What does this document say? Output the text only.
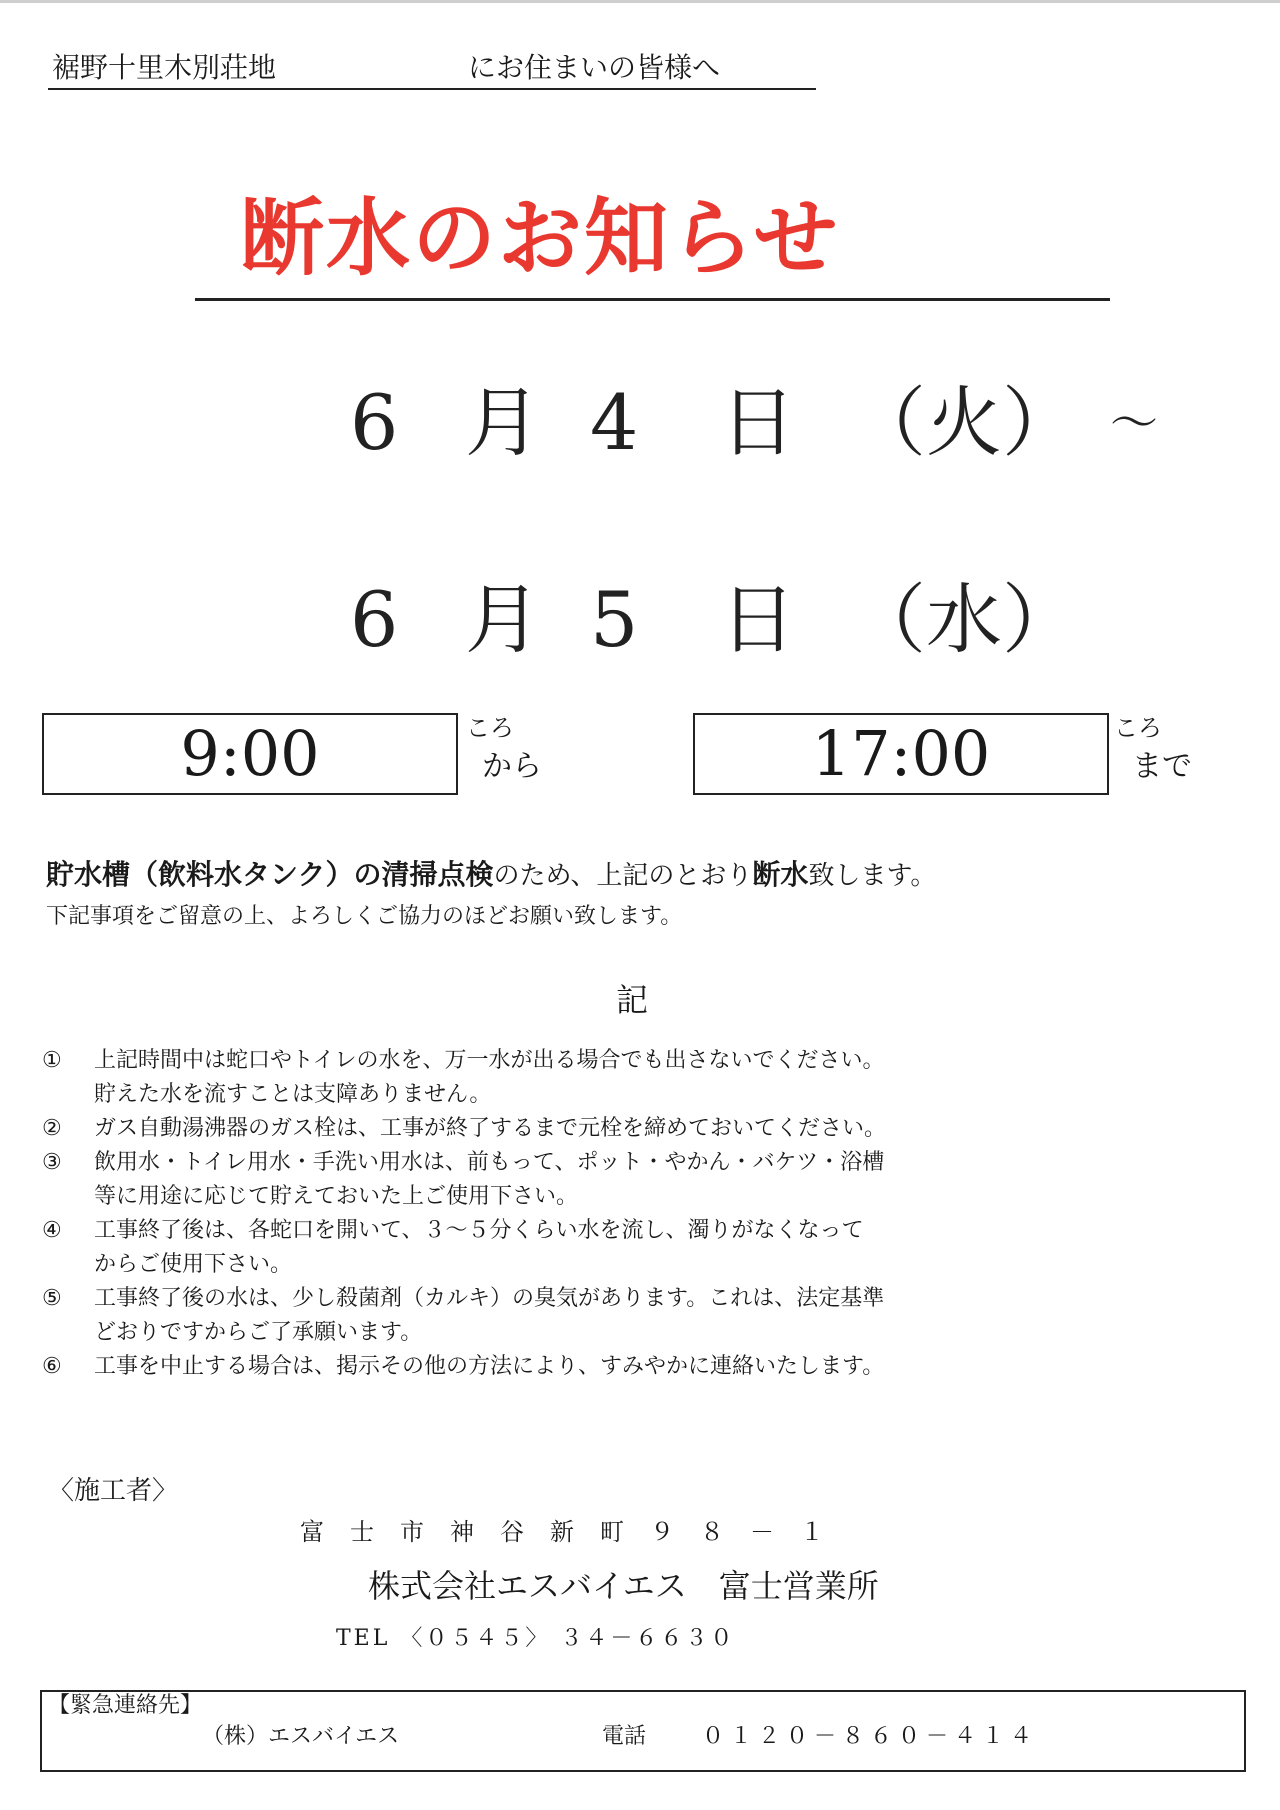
裾野十里木別荘地	にお住まいの皆様へ
断水のお知らせ
6 月 4 日 （火） ～
6 月 5 日 （水）
9:00	ころ
から	17:00	ころ
まで
貯水槽（飲料水タンク）の清掃点検のため、上記のとおり断水致します。
下記事項をご留意の上、よろしくご協力のほどお願い致します。
記
① 上記時間中は蛇口やトイレの水を、万一水が出る場合でも出さないでください。
貯えた水を流すことは支障ありません。
② ガス自動湯沸器のガス栓は、工事が終了するまで元栓を締めておいてください。
③ 飲用水・トイレ用水・手洗い用水は、前もって、ポット・やかん・バケツ・浴槽
等に用途に応じて貯えておいた上ご使用下さい。
④ 工事終了後は、各蛇口を開いて、３～５分くらい水を流し、濁りがなくなって
からご使用下さい。
⑤ 工事終了後の水は、少し殺菌剤（カルキ）の臭気があります。これは、法定基準
どおりですからご了承願います。
⑥ 工事を中止する場合は、掲示その他の方法により、すみやかに連絡いたします。
〈施工者〉
富士市神谷新町９８－１
株式会社エスバイエス　富士営業所
TEL 〈０５４５〉 ３４－６６３０
【緊急連絡先】
（株）エスバイエス	電話	０１２０－８６０－４１４
